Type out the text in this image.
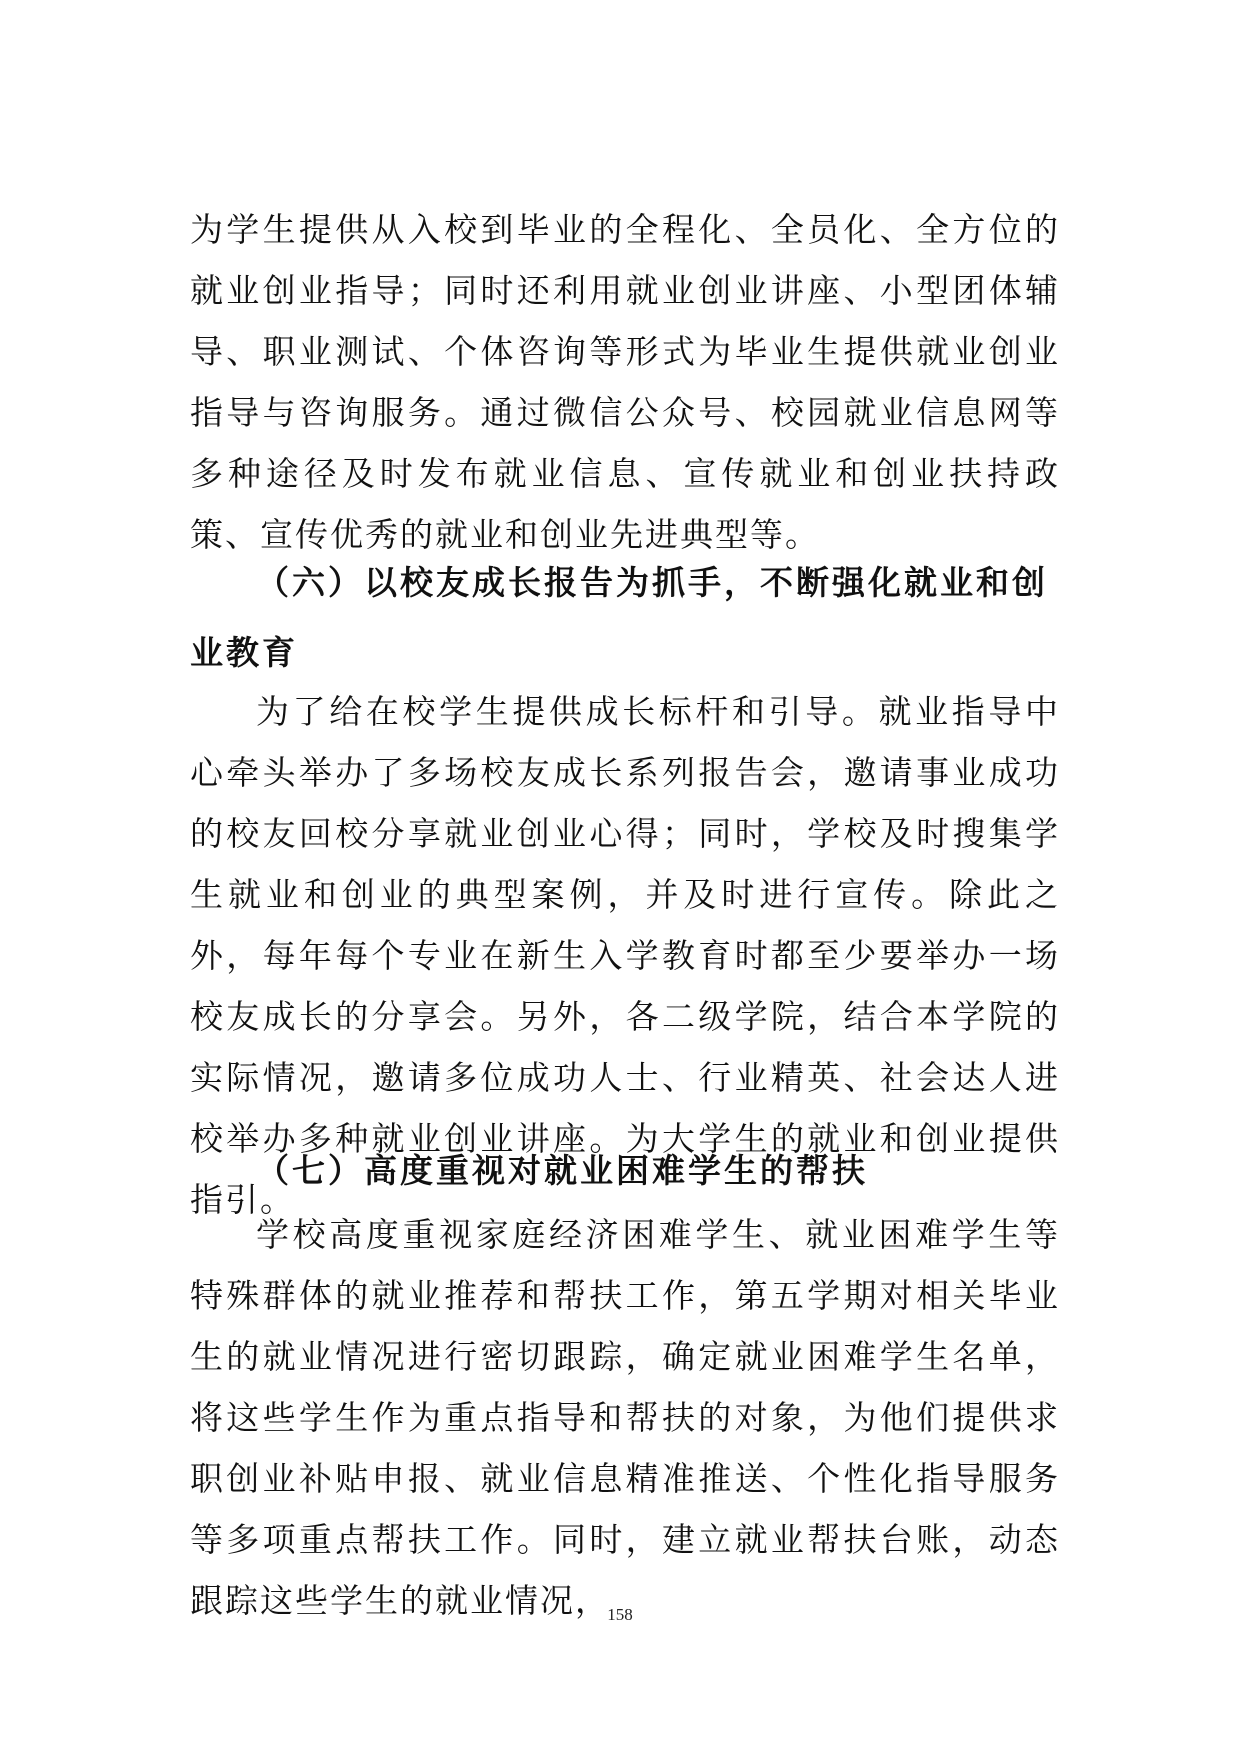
为学生提供从入校到毕业的全程化、全员化、全方位的就业创业指导；同时还利用就业创业讲座、小型团体辅导、职业测试、个体咨询等形式为毕业生提供就业创业指导与咨询服务。通过微信公众号、校园就业信息网等多种途径及时发布就业信息、宣传就业和创业扶持政策、宣传优秀的就业和创业先进典型等。

（六）以校友成长报告为抓手，不断强化就业和创业教育

为了给在校学生提供成长标杆和引导。就业指导中心牵头举办了多场校友成长系列报告会，邀请事业成功的校友回校分享就业创业心得；同时，学校及时搜集学生就业和创业的典型案例，并及时进行宣传。除此之外，每年每个专业在新生入学教育时都至少要举办一场校友成长的分享会。另外，各二级学院，结合本学院的实际情况，邀请多位成功人士、行业精英、社会达人进校举办多种就业创业讲座。为大学生的就业和创业提供指引。

（七）高度重视对就业困难学生的帮扶

学校高度重视家庭经济困难学生、就业困难学生等特殊群体的就业推荐和帮扶工作，第五学期对相关毕业生的就业情况进行密切跟踪，确定就业困难学生名单，将这些学生作为重点指导和帮扶的对象，为他们提供求职创业补贴申报、就业信息精准推送、个性化指导服务等多项重点帮扶工作。同时，建立就业帮扶台账，动态跟踪这些学生的就业情况，

158
